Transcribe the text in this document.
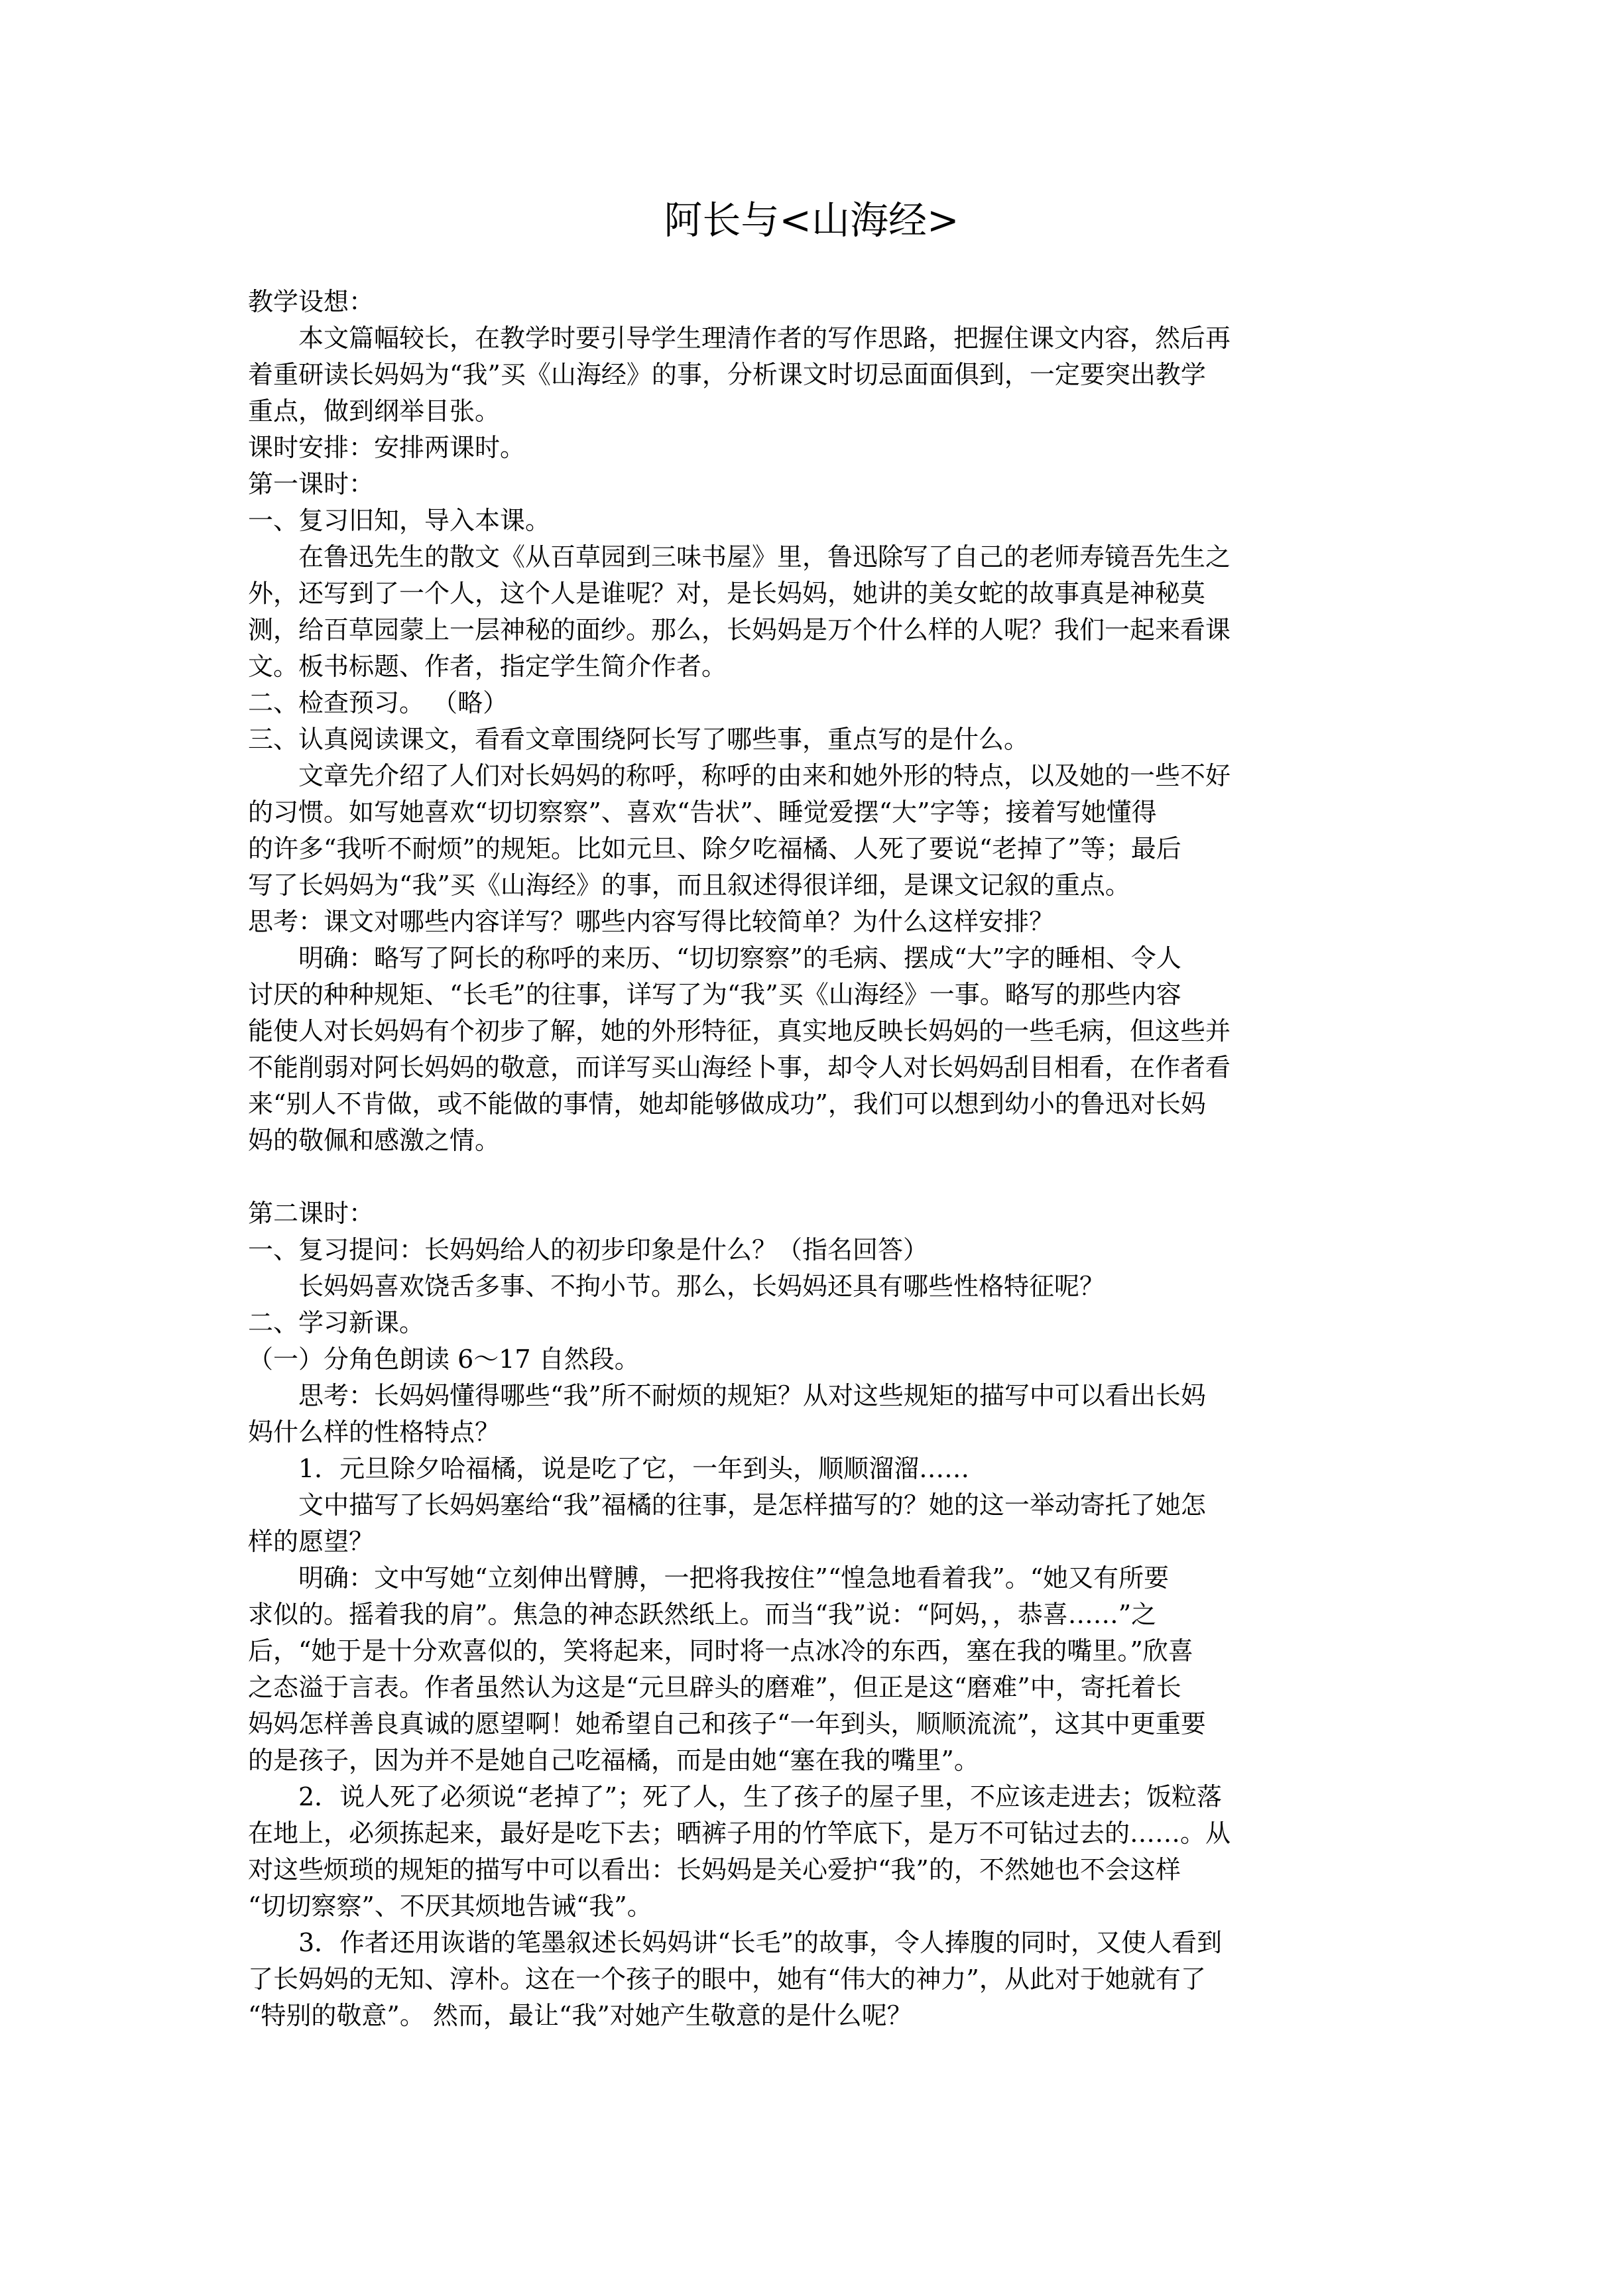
阿长与<山海经>
教学设想：
本文篇幅较长，在教学时要引导学生理清作者的写作思路，把握住课文内容，然后再
着重研读长妈妈为“我”买《山海经》的事，分析课文时切忌面面俱到，一定要突出教学
重点，做到纲举目张。
课时安排：安排两课时。
第一课时：
一、复习旧知，导入本课。
在鲁迅先生的散文《从百草园到三味书屋》里，鲁迅除写了自己的老师寿镜吾先生之
外，还写到了一个人，这个人是谁呢？对，是长妈妈，她讲的美女蛇的故事真是神秘莫
测，给百草园蒙上一层神秘的面纱。那么，长妈妈是万个什么样的人呢？我们一起来看课
文。板书标题、作者，指定学生简介作者。
二、检查预习。 （略）
三、认真阅读课文，看看文章围绕阿长写了哪些事，重点写的是什么。
文章先介绍了人们对长妈妈的称呼，称呼的由来和她外形的特点，以及她的一些不好
的习惯。如写她喜欢“切切察察”、喜欢“告状”、睡觉爱摆“大”字等；接着写她懂得
的许多“我听不耐烦”的规矩。比如元旦、除夕吃福橘、人死了要说“老掉了”等；最后
写了长妈妈为“我”买《山海经》的事，而且叙述得很详细，是课文记叙的重点。
思考：课文对哪些内容详写？哪些内容写得比较简单？为什么这样安排？
明确：略写了阿长的称呼的来历、“切切察察”的毛病、摆成“大”字的睡相、令人
讨厌的种种规矩、“长毛”的往事，详写了为“我”买《山海经》一事。略写的那些内容
能使人对长妈妈有个初步了解，她的外形特征，真实地反映长妈妈的一些毛病，但这些并
不能削弱对阿长妈妈的敬意，而详写买山海经卜事，却令人对长妈妈刮目相看，在作者看
来“别人不肯做，或不能做的事情，她却能够做成功”，我们可以想到幼小的鲁迅对长妈
妈的敬佩和感激之情。
第二课时：
一、复习提问：长妈妈给人的初步印象是什么？（指名回答）
长妈妈喜欢饶舌多事、不拘小节。那么，长妈妈还具有哪些性格特征呢？
二、学习新课。
（一）分角色朗读 6～17 自然段。
思考：长妈妈懂得哪些“我”所不耐烦的规矩？从对这些规矩的描写中可以看出长妈
妈什么样的性格特点？
1．元旦除夕哈福橘，说是吃了它，一年到头，顺顺溜溜……
文中描写了长妈妈塞给“我”福橘的往事，是怎样描写的？她的这一举动寄托了她怎
样的愿望？
明确：文中写她“立刻伸出臂膊，一把将我按住”“惶急地看着我”。“她又有所要
求似的。摇着我的肩”。焦急的神态跃然纸上。而当“我”说：“阿妈，，恭喜……”之
后，“她于是十分欢喜似的，笑将起来，同时将一点冰冷的东西，塞在我的嘴里。”欣喜
之态溢于言表。作者虽然认为这是“元旦辟头的磨难”，但正是这“磨难”中，寄托着长
妈妈怎样善良真诚的愿望啊！她希望自己和孩子“一年到头，顺顺流流”，这其中更重要
的是孩子，因为并不是她自己吃福橘，而是由她“塞在我的嘴里”。
2．说人死了必须说“老掉了”；死了人，生了孩子的屋子里，不应该走进去；饭粒落
在地上，必须拣起来，最好是吃下去；晒裤子用的竹竿底下，是万不可钻过去的……。从
对这些烦琐的规矩的描写中可以看出：长妈妈是关心爱护“我”的，不然她也不会这样
“切切察察”、不厌其烦地告诫“我”。
3．作者还用诙谐的笔墨叙述长妈妈讲“长毛”的故事，令人捧腹的同时，又使人看到
了长妈妈的无知、淳朴。这在一个孩子的眼中，她有“伟大的神力”，从此对于她就有了
“特别的敬意”。 然而，最让“我”对她产生敬意的是什么呢？
